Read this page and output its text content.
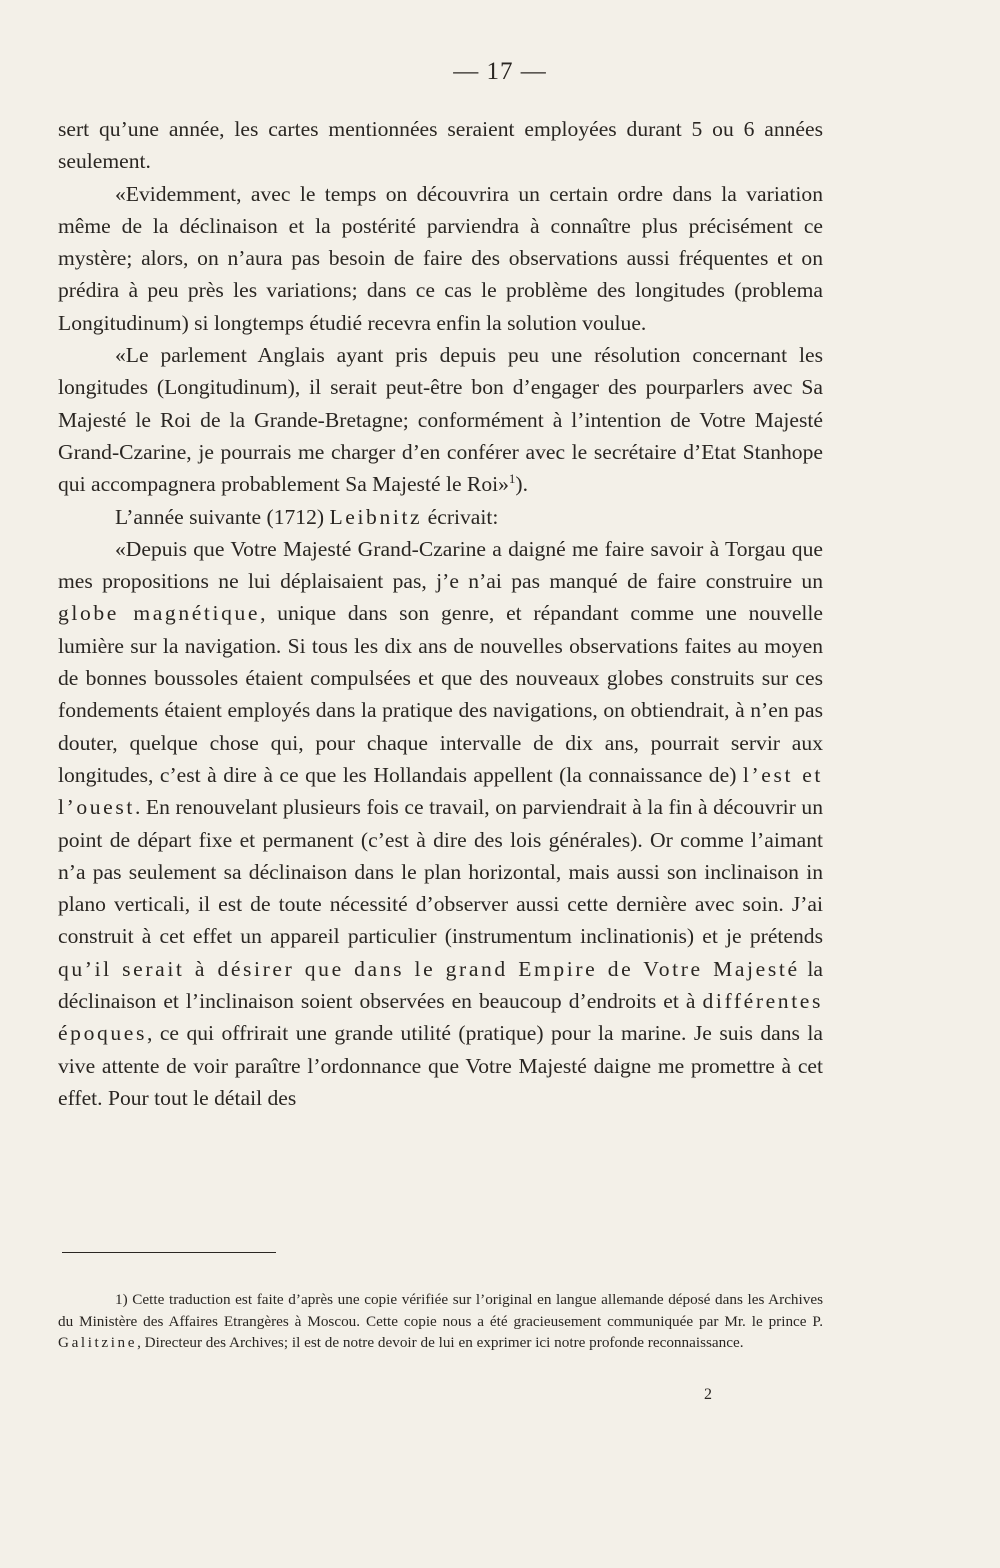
— 17 —

sert qu’une année, les cartes mentionnées seraient employées durant 5 ou 6 années seulement.

«Evidemment, avec le temps on découvrira un certain ordre dans la variation même de la déclinaison et la postérité parviendra à connaître plus précisément ce mystère; alors, on n’aura pas besoin de faire des observations aussi fréquentes et on prédira à peu près les variations; dans ce cas le problème des longitudes (problema Longitudinum) si longtemps étudié recevra enfin la solution voulue.

«Le parlement Anglais ayant pris depuis peu une résolution concernant les longitudes (Longitudinum), il serait peut-être bon d’engager des pourparlers avec Sa Majesté le Roi de la Grande-Bretagne; conformément à l’intention de Votre Majesté Grand-Czarine, je pourrais me charger d’en conférer avec le secrétaire d’Etat Stanhope qui accompagnera probablement Sa Majesté le Roi»$^1$).

L’année suivante (1712) Leibnitz écrivait:

«Depuis que Votre Majesté Grand-Czarine a daigné me faire savoir à Torgau que mes propositions ne lui déplaisaient pas, j’e n’ai pas manqué de faire construire un globe magnétique, unique dans son genre, et répandant comme une nouvelle lumière sur la navigation. Si tous les dix ans de nouvelles observations faites au moyen de bonnes boussoles étaient compulsées et que des nouveaux globes construits sur ces fondements étaient employés dans la pratique des navigations, on obtiendrait, à n’en pas douter, quelque chose qui, pour chaque intervalle de dix ans, pourrait servir aux longitudes, c’est à dire à ce que les Hollandais appellent (la connaissance de) l’est et l’ouest. En renouvelant plusieurs fois ce travail, on parviendrait à la fin à découvrir un point de départ fixe et permanent (c’est à dire des lois générales). Or comme l’aimant n’a pas seulement sa déclinaison dans le plan horizontal, mais aussi son inclinaison in plano verticali, il est de toute nécessité d’observer aussi cette dernière avec soin. J’ai construit à cet effet un appareil particulier (instrumentum inclinationis) et je prétends qu’il serait à désirer que dans le grand Empire de Votre Majesté la déclinaison et l’inclinaison soient observées en beaucoup d’endroits et à différentes époques, ce qui offrirait une grande utilité (pratique) pour la marine. Je suis dans la vive attente de voir paraître l’ordonnance que Votre Majesté daigne me promettre à cet effet. Pour tout le détail des

1) Cette traduction est faite d’après une copie vérifiée sur l’original en langue allemande déposé dans les Archives du Ministère des Affaires Etrangères à Moscou. Cette copie nous a été gracieusement communiquée par Mr. le prince P. Galitzine, Directeur des Archives; il est de notre devoir de lui en exprimer ici notre profonde reconnaissance.

2
